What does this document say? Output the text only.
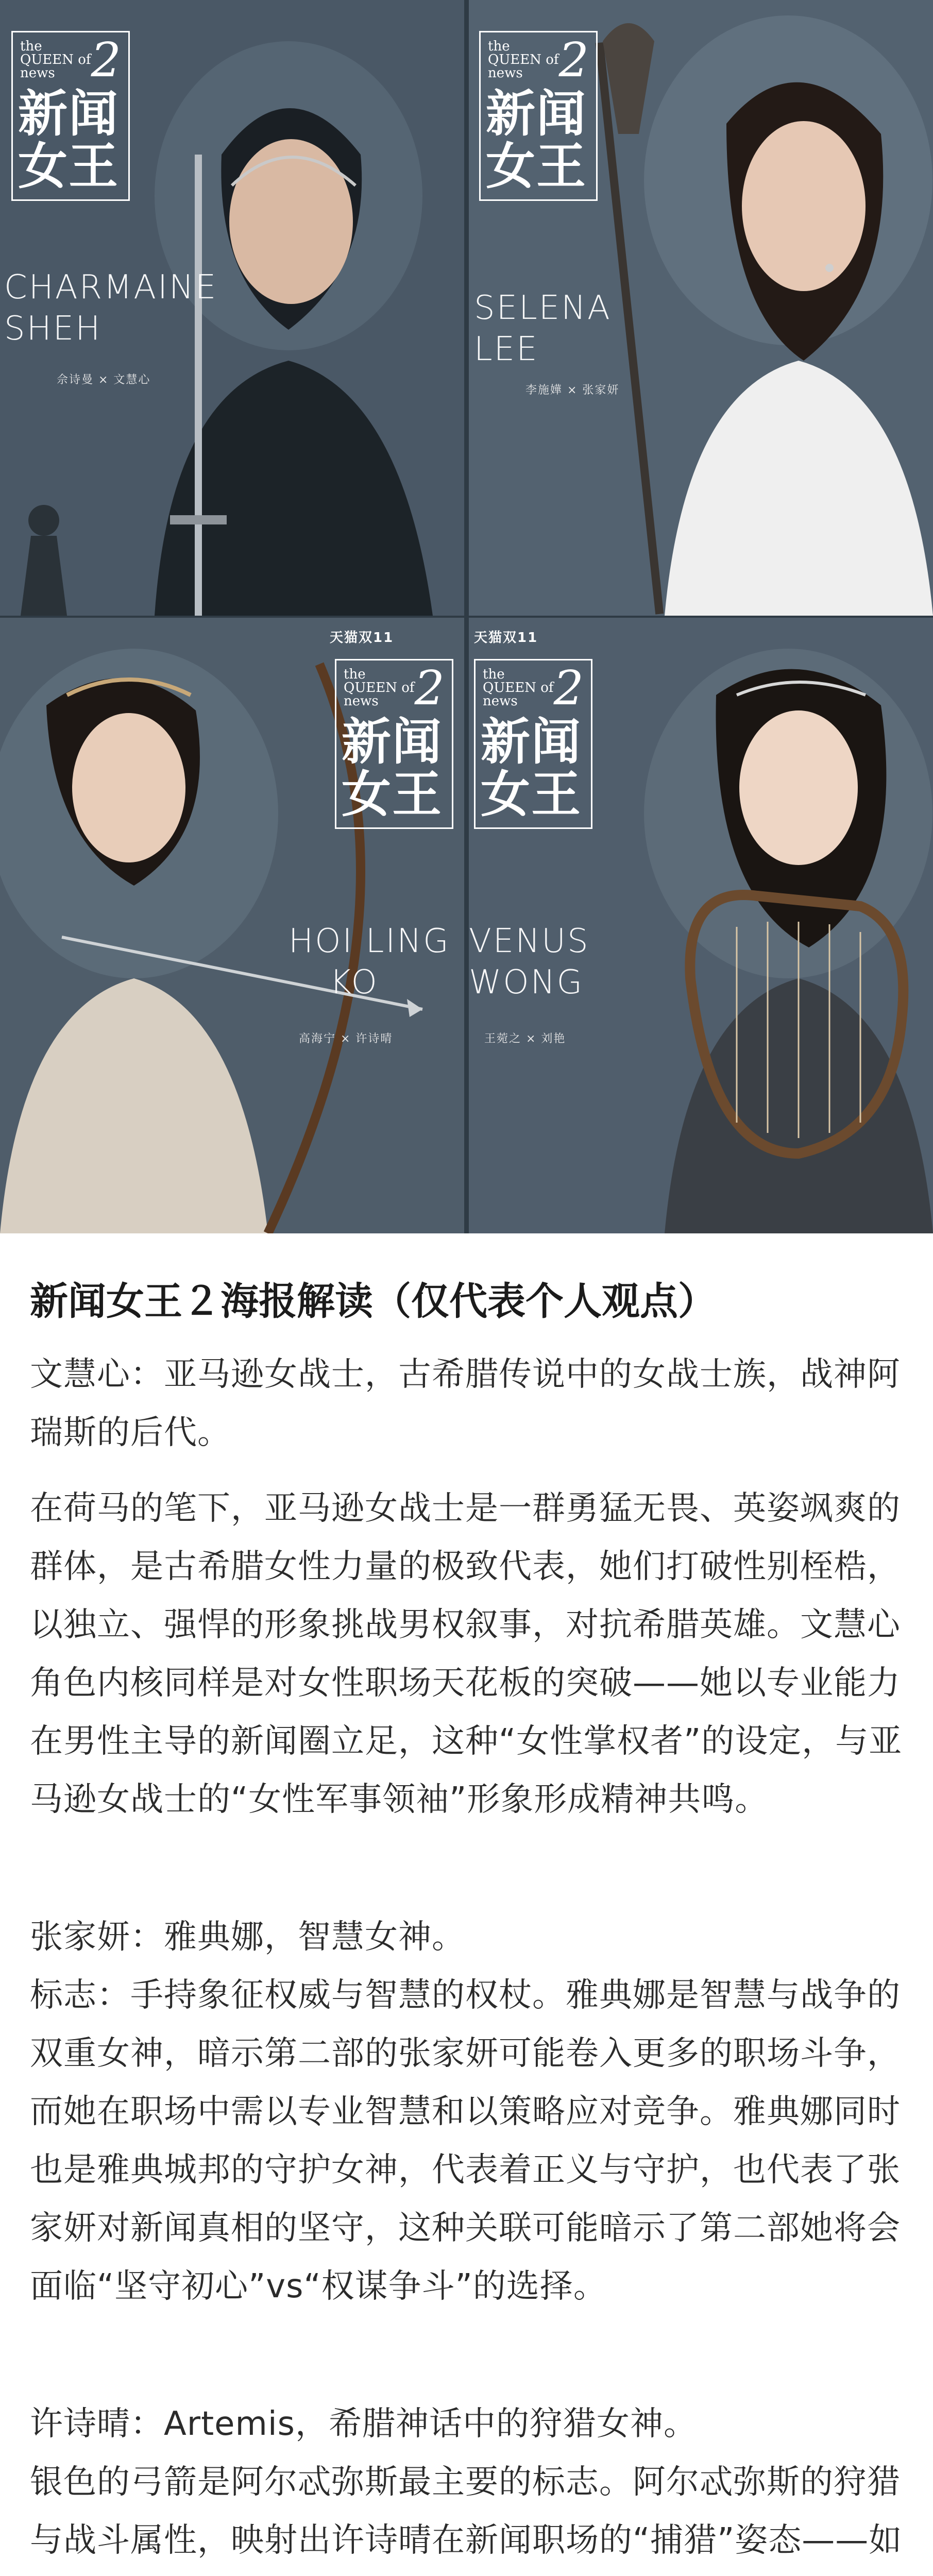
the QUEEN of news 2
新闻
女王
CHARMAINE
SHEH
佘诗曼 × 文慧心
the QUEEN of news 2
新闻
女王
SELENA
LEE
李施嬅 × 张家妍
天猫双11
the QUEEN of news 2
新闻
女王
HOI LING
KO
高海宁 × 许诗晴
天猫双11
the QUEEN of news 2
新闻
女王
VENUS
WONG
王菀之 × 刘艳
新闻女王２海报解读（仅代表个人观点）
文慧心：亚马逊女战士，古希腊传说中的女战士族，战神阿瑞斯的后代。
在荷马的笔下，亚马逊女战士是一群勇猛无畏、英姿飒爽的群体，是古希腊女性力量的极致代表，她们打破性别桎梏，以独立、强悍的形象挑战男权叙事，对抗希腊英雄。文慧心角色内核同样是对女性职场天花板的突破——她以专业能力在男性主导的新闻圈立足，这种“女性掌权者”的设定，与亚马逊女战士的“女性军事领袖”形象形成精神共鸣。
张家妍：雅典娜，智慧女神。
标志：手持象征权威与智慧的权杖。雅典娜是智慧与战争的双重女神，暗示第二部的张家妍可能卷入更多的职场斗争，而她在职场中需以专业智慧和以策略应对竞争。雅典娜同时也是雅典城邦的守护女神，代表着正义与守护，也代表了张家妍对新闻真相的坚守，这种关联可能暗示了第二部她将会面临“坚守初心”vs“权谋争斗”的选择。
许诗晴：Artemis，希腊神话中的狩猎女神。
银色的弓箭是阿尔忒弥斯最主要的标志。阿尔忒弥斯的狩猎与战斗属性，映射出许诗晴在新闻职场的“捕猎”姿态——如
